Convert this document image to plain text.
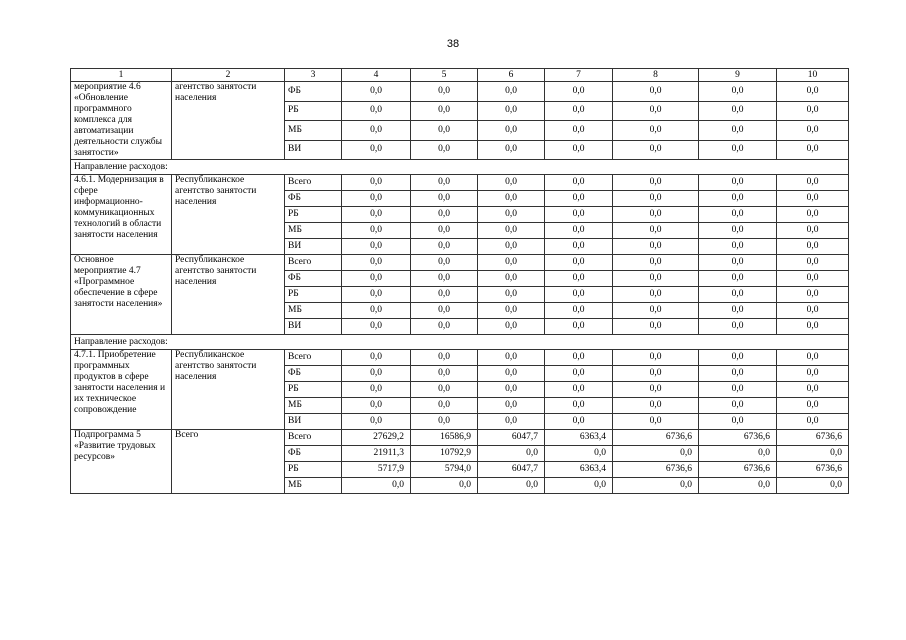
38
1	2	3	4	5	6	7	8	9	10
мероприятие 4.6 «Обновление программного комплекса для автоматизации деятельности службы занятости»	агентство занятости населения	ФБ	0,0	0,0	0,0	0,0	0,0	0,0	0,0
		РБ	0,0	0,0	0,0	0,0	0,0	0,0	0,0
		МБ	0,0	0,0	0,0	0,0	0,0	0,0	0,0
		ВИ	0,0	0,0	0,0	0,0	0,0	0,0	0,0
Направление расходов:									
4.6.1. Модернизация в сфере информационно-коммуникационных технологий в области занятости населения	Республиканское агентство занятости населения	Всего	0,0	0,0	0,0	0,0	0,0	0,0	0,0
		ФБ	0,0	0,0	0,0	0,0	0,0	0,0	0,0
		РБ	0,0	0,0	0,0	0,0	0,0	0,0	0,0
		МБ	0,0	0,0	0,0	0,0	0,0	0,0	0,0
		ВИ	0,0	0,0	0,0	0,0	0,0	0,0	0,0
Основное мероприятие 4.7 «Программное обеспечение в сфере занятости населения»	Республиканское агентство занятости населения	Всего	0,0	0,0	0,0	0,0	0,0	0,0	0,0
		ФБ	0,0	0,0	0,0	0,0	0,0	0,0	0,0
		РБ	0,0	0,0	0,0	0,0	0,0	0,0	0,0
		МБ	0,0	0,0	0,0	0,0	0,0	0,0	0,0
		ВИ	0,0	0,0	0,0	0,0	0,0	0,0	0,0
Направление расходов:									
4.7.1. Приобретение программных продуктов в сфере занятости населения и их техническое сопровождение	Республиканское агентство занятости населения	Всего	0,0	0,0	0,0	0,0	0,0	0,0	0,0
		ФБ	0,0	0,0	0,0	0,0	0,0	0,0	0,0
		РБ	0,0	0,0	0,0	0,0	0,0	0,0	0,0
		МБ	0,0	0,0	0,0	0,0	0,0	0,0	0,0
		ВИ	0,0	0,0	0,0	0,0	0,0	0,0	0,0
Подпрограмма 5 «Развитие трудовых ресурсов»	Всего	Всего	27629,2	16586,9	6047,7	6363,4	6736,6	6736,6	6736,6
		ФБ	21911,3	10792,9	0,0	0,0	0,0	0,0	0,0
		РБ	5717,9	5794,0	6047,7	6363,4	6736,6	6736,6	6736,6
		МБ	0,0	0,0	0,0	0,0	0,0	0,0	0,0
